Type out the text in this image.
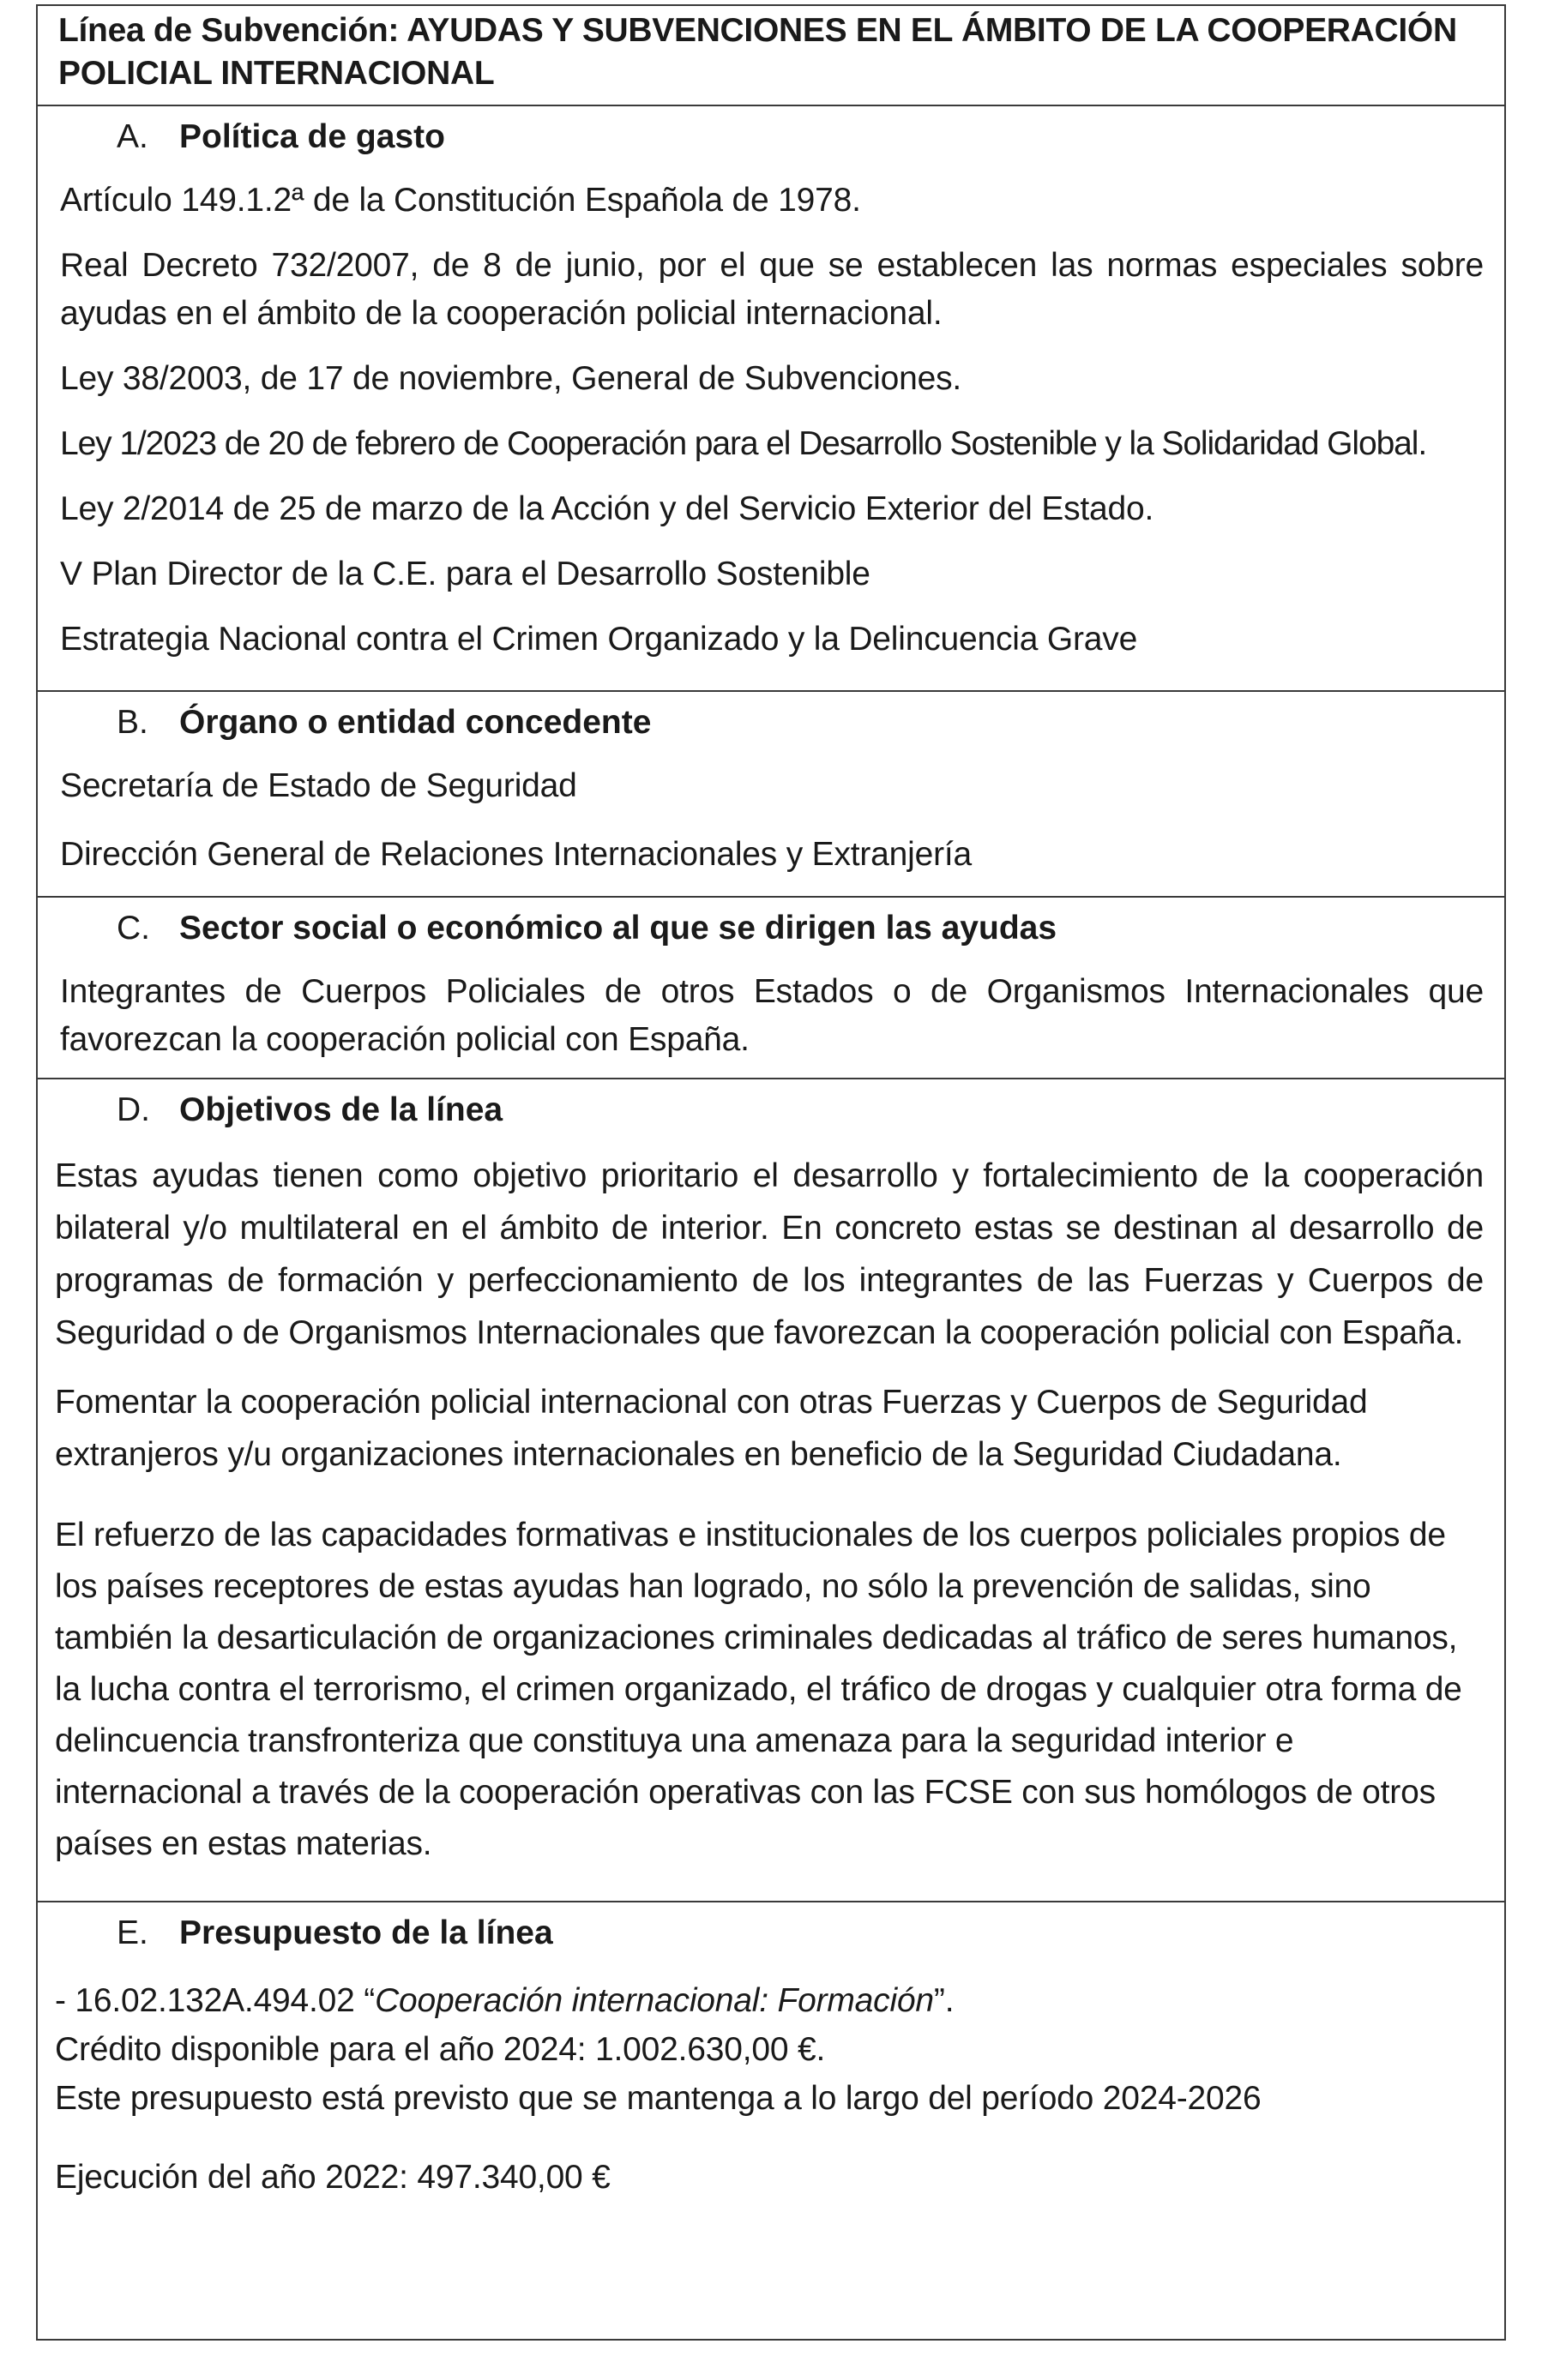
Línea de Subvención: AYUDAS Y SUBVENCIONES EN EL ÁMBITO DE LA COOPERACIÓN POLICIAL INTERNACIONAL
A. Política de gasto

Artículo 149.1.2ª de la Constitución Española de 1978.

Real Decreto 732/2007, de 8 de junio, por el que se establecen las normas especiales sobre ayudas en el ámbito de la cooperación policial internacional.

Ley 38/2003, de 17 de noviembre, General de Subvenciones.

Ley 1/2023 de 20 de febrero de Cooperación para el Desarrollo Sostenible y la Solidaridad Global.

Ley 2/2014 de 25 de marzo de la Acción y del Servicio Exterior del Estado.

V Plan Director de la C.E. para el Desarrollo Sostenible

Estrategia Nacional contra el Crimen Organizado y la Delincuencia Grave

B. Órgano o entidad concedente

Secretaría de Estado de Seguridad

Dirección General de Relaciones Internacionales y Extranjería

C. Sector social o económico al que se dirigen las ayudas

Integrantes de Cuerpos Policiales de otros Estados o de Organismos Internacionales que favorezcan la cooperación policial con España.

D. Objetivos de la línea

Estas ayudas tienen como objetivo prioritario el desarrollo y fortalecimiento de la cooperación bilateral y/o multilateral en el ámbito de interior. En concreto estas se destinan al desarrollo de programas de formación y perfeccionamiento de los integrantes de las Fuerzas y Cuerpos de Seguridad o de Organismos Internacionales que favorezcan la cooperación policial con España.

Fomentar la cooperación policial internacional con otras Fuerzas y Cuerpos de Seguridad extranjeros y/u organizaciones internacionales en beneficio de la Seguridad Ciudadana.

El refuerzo de las capacidades formativas e institucionales de los cuerpos policiales propios de los países receptores de estas ayudas han logrado, no sólo la prevención de salidas, sino también la desarticulación de organizaciones criminales dedicadas al tráfico de seres humanos, la lucha contra el terrorismo, el crimen organizado, el tráfico de drogas y cualquier otra forma de delincuencia transfronteriza que constituya una amenaza para la seguridad interior e internacional a través de la cooperación operativas con las FCSE con sus homólogos de otros países en estas materias.

E. Presupuesto de la línea

- 16.02.132A.494.02 “Cooperación internacional: Formación”.

Crédito disponible para el año 2024: 1.002.630,00 €.

Este presupuesto está previsto que se mantenga a lo largo del período 2024-2026

Ejecución del año 2022: 497.340,00 €
